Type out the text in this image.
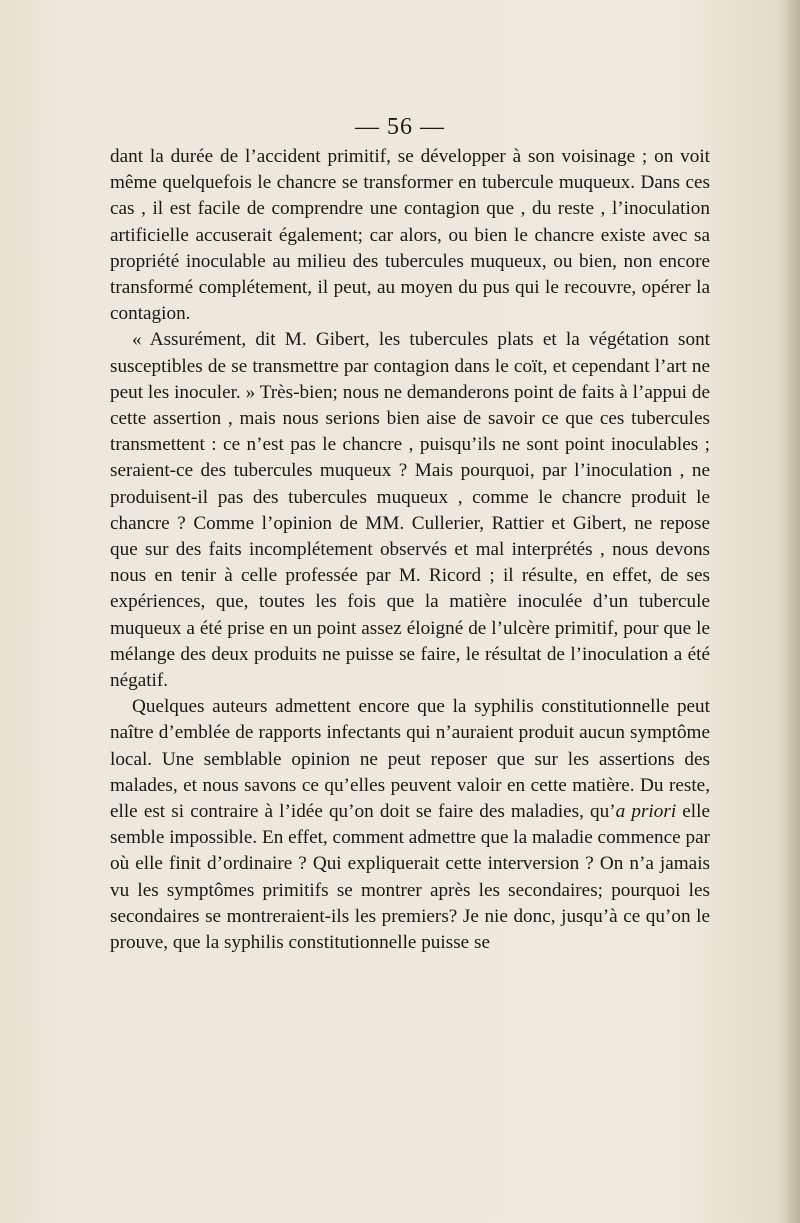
— 56 —

dant la durée de l’accident primitif, se développer à son voisinage ; on voit même quelquefois le chancre se transformer en tubercule muqueux. Dans ces cas , il est facile de comprendre une contagion que , du reste , l’inoculation artificielle accuserait également; car alors, ou bien le chancre existe avec sa propriété inoculable au milieu des tubercules muqueux, ou bien, non encore transformé complétement, il peut, au moyen du pus qui le recouvre, opérer la contagion.

« Assurément, dit M. Gibert, les tubercules plats et la végétation sont susceptibles de se transmettre par contagion dans le coït, et cependant l’art ne peut les inoculer. » Très-bien; nous ne demanderons point de faits à l’appui de cette assertion , mais nous serions bien aise de savoir ce que ces tubercules transmettent : ce n’est pas le chancre , puisqu’ils ne sont point inoculables ; seraient-ce des tubercules muqueux ? Mais pourquoi, par l’inoculation , ne produisent-il pas des tubercules muqueux , comme le chancre produit le chancre ? Comme l’opinion de MM. Cullerier, Rattier et Gibert, ne repose que sur des faits incomplétement observés et mal interprétés , nous devons nous en tenir à celle professée par M. Ricord ; il résulte, en effet, de ses expériences, que, toutes les fois que la matière inoculée d’un tubercule muqueux a été prise en un point assez éloigné de l’ulcère primitif, pour que le mélange des deux produits ne puisse se faire, le résultat de l’inoculation a été négatif.

Quelques auteurs admettent encore que la syphilis constitutionnelle peut naître d’emblée de rapports infectants qui n’auraient produit aucun symptôme local. Une semblable opinion ne peut reposer que sur les assertions des malades, et nous savons ce qu’elles peuvent valoir en cette matière. Du reste, elle est si contraire à l’idée qu’on doit se faire des maladies, qu’a priori elle semble impossible. En effet, comment admettre que la maladie commence par où elle finit d’ordinaire ? Qui expliquerait cette interversion ? On n’a jamais vu les symptômes primitifs se montrer après les secondaires; pourquoi les secondaires se montreraient-ils les premiers? Je nie donc, jusqu’à ce qu’on le prouve, que la syphilis constitutionnelle puisse se
